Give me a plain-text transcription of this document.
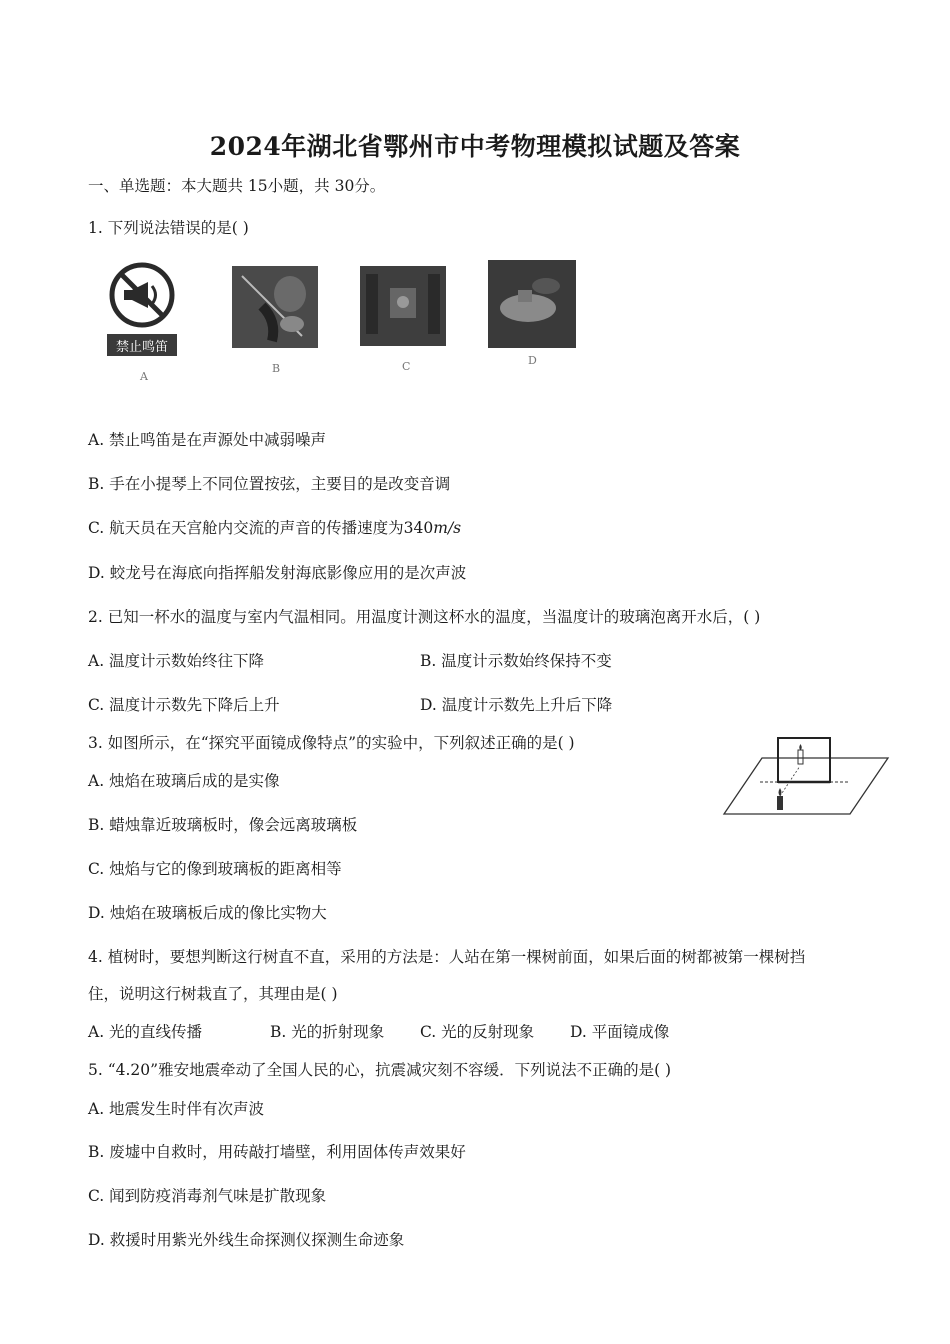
2024年湖北省鄂州市中考物理模拟试题及答案
一、单选题：本大题共 15小题，共 30分。
1. 下列说法错误的是( )
禁止鸣笛
A
B	C	D
A. 禁止鸣笛是在声源处中减弱噪声
B. 手在小提琴上不同位置按弦，主要目的是改变音调
C. 航天员在天宫舱内交流的声音的传播速度为340m/s
D. 蛟龙号在海底向指挥船发射海底影像应用的是次声波
2. 已知一杯水的温度与室内气温相同。用温度计测这杯水的温度，当温度计的玻璃泡离开水后，( )
A. 温度计示数始终往下降	B. 温度计示数始终保持不变
C. 温度计示数先下降后上升	D. 温度计示数先上升后下降
3. 如图所示，在“探究平面镜成像特点”的实验中，下列叙述正确的是( )
A. 烛焰在玻璃后成的是实像
B. 蜡烛靠近玻璃板时，像会远离玻璃板
C. 烛焰与它的像到玻璃板的距离相等
D. 烛焰在玻璃板后成的像比实物大
4. 植树时，要想判断这行树直不直，采用的方法是：人站在第一棵树前面，如果后面的树都被第一棵树挡
住，说明这行树栽直了，其理由是( )
A. 光的直线传播	B. 光的折射现象 C. 光的反射现象 D. 平面镜成像
5. “4.20”雅安地震牵动了全国人民的心，抗震减灾刻不容缓．下列说法不正确的是( )
A. 地震发生时伴有次声波
B. 废墟中自救时，用砖敲打墙壁，利用固体传声效果好
C. 闻到防疫消毒剂气味是扩散现象
D. 救援时用紫光外线生命探测仪探测生命迹象
